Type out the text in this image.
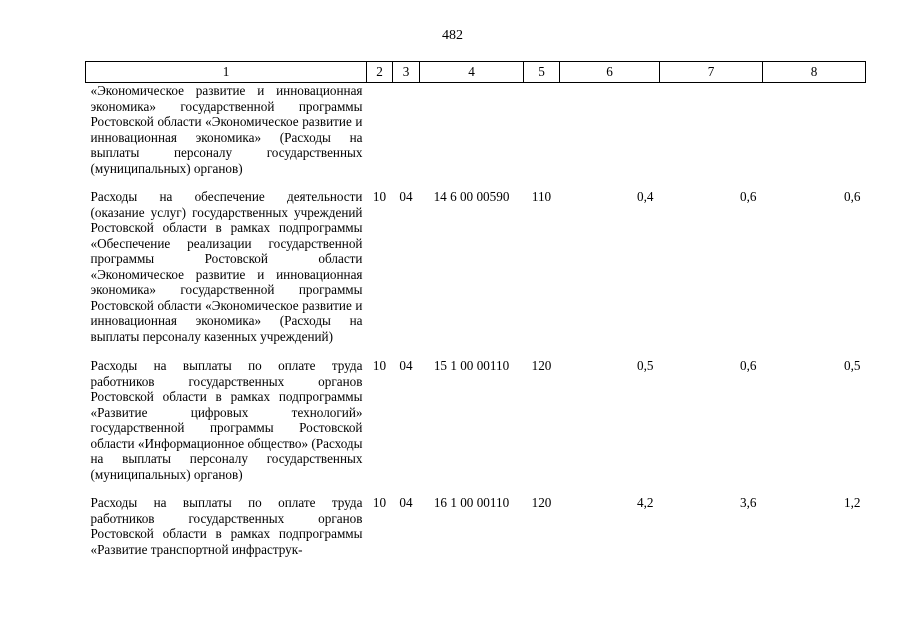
482
1	2	3	4	5	6	7	8
«Экономическое развитие и инновационная экономика» государственной программы Ростовской области «Экономическое развитие и инновационная экономика» (Расходы на выплаты персоналу государственных (муниципальных) органов)							
Расходы на обеспечение деятельности (оказание услуг) государственных учреждений Ростовской области в рамках подпрограммы «Обеспечение реализации государственной программы Ростовской области «Экономическое развитие и инновационная экономика» государственной программы Ростовской области «Экономическое развитие и инновационная экономика» (Расходы на выплаты персоналу казенных учреждений)	10	04	14 6 00 00590	110	0,4	0,6	0,6
Расходы на выплаты по оплате труда работников государственных органов Ростовской области в рамках подпрограммы «Развитие цифровых технологий» государственной программы Ростовской области «Информационное общество» (Расходы на выплаты персоналу государственных (муниципальных) органов)	10	04	15 1 00 00110	120	0,5	0,6	0,5
Расходы на выплаты по оплате труда работников государственных органов Ростовской области в рамках подпрограммы «Развитие транспортной инфраструк-	10	04	16 1 00 00110	120	4,2	3,6	1,2
